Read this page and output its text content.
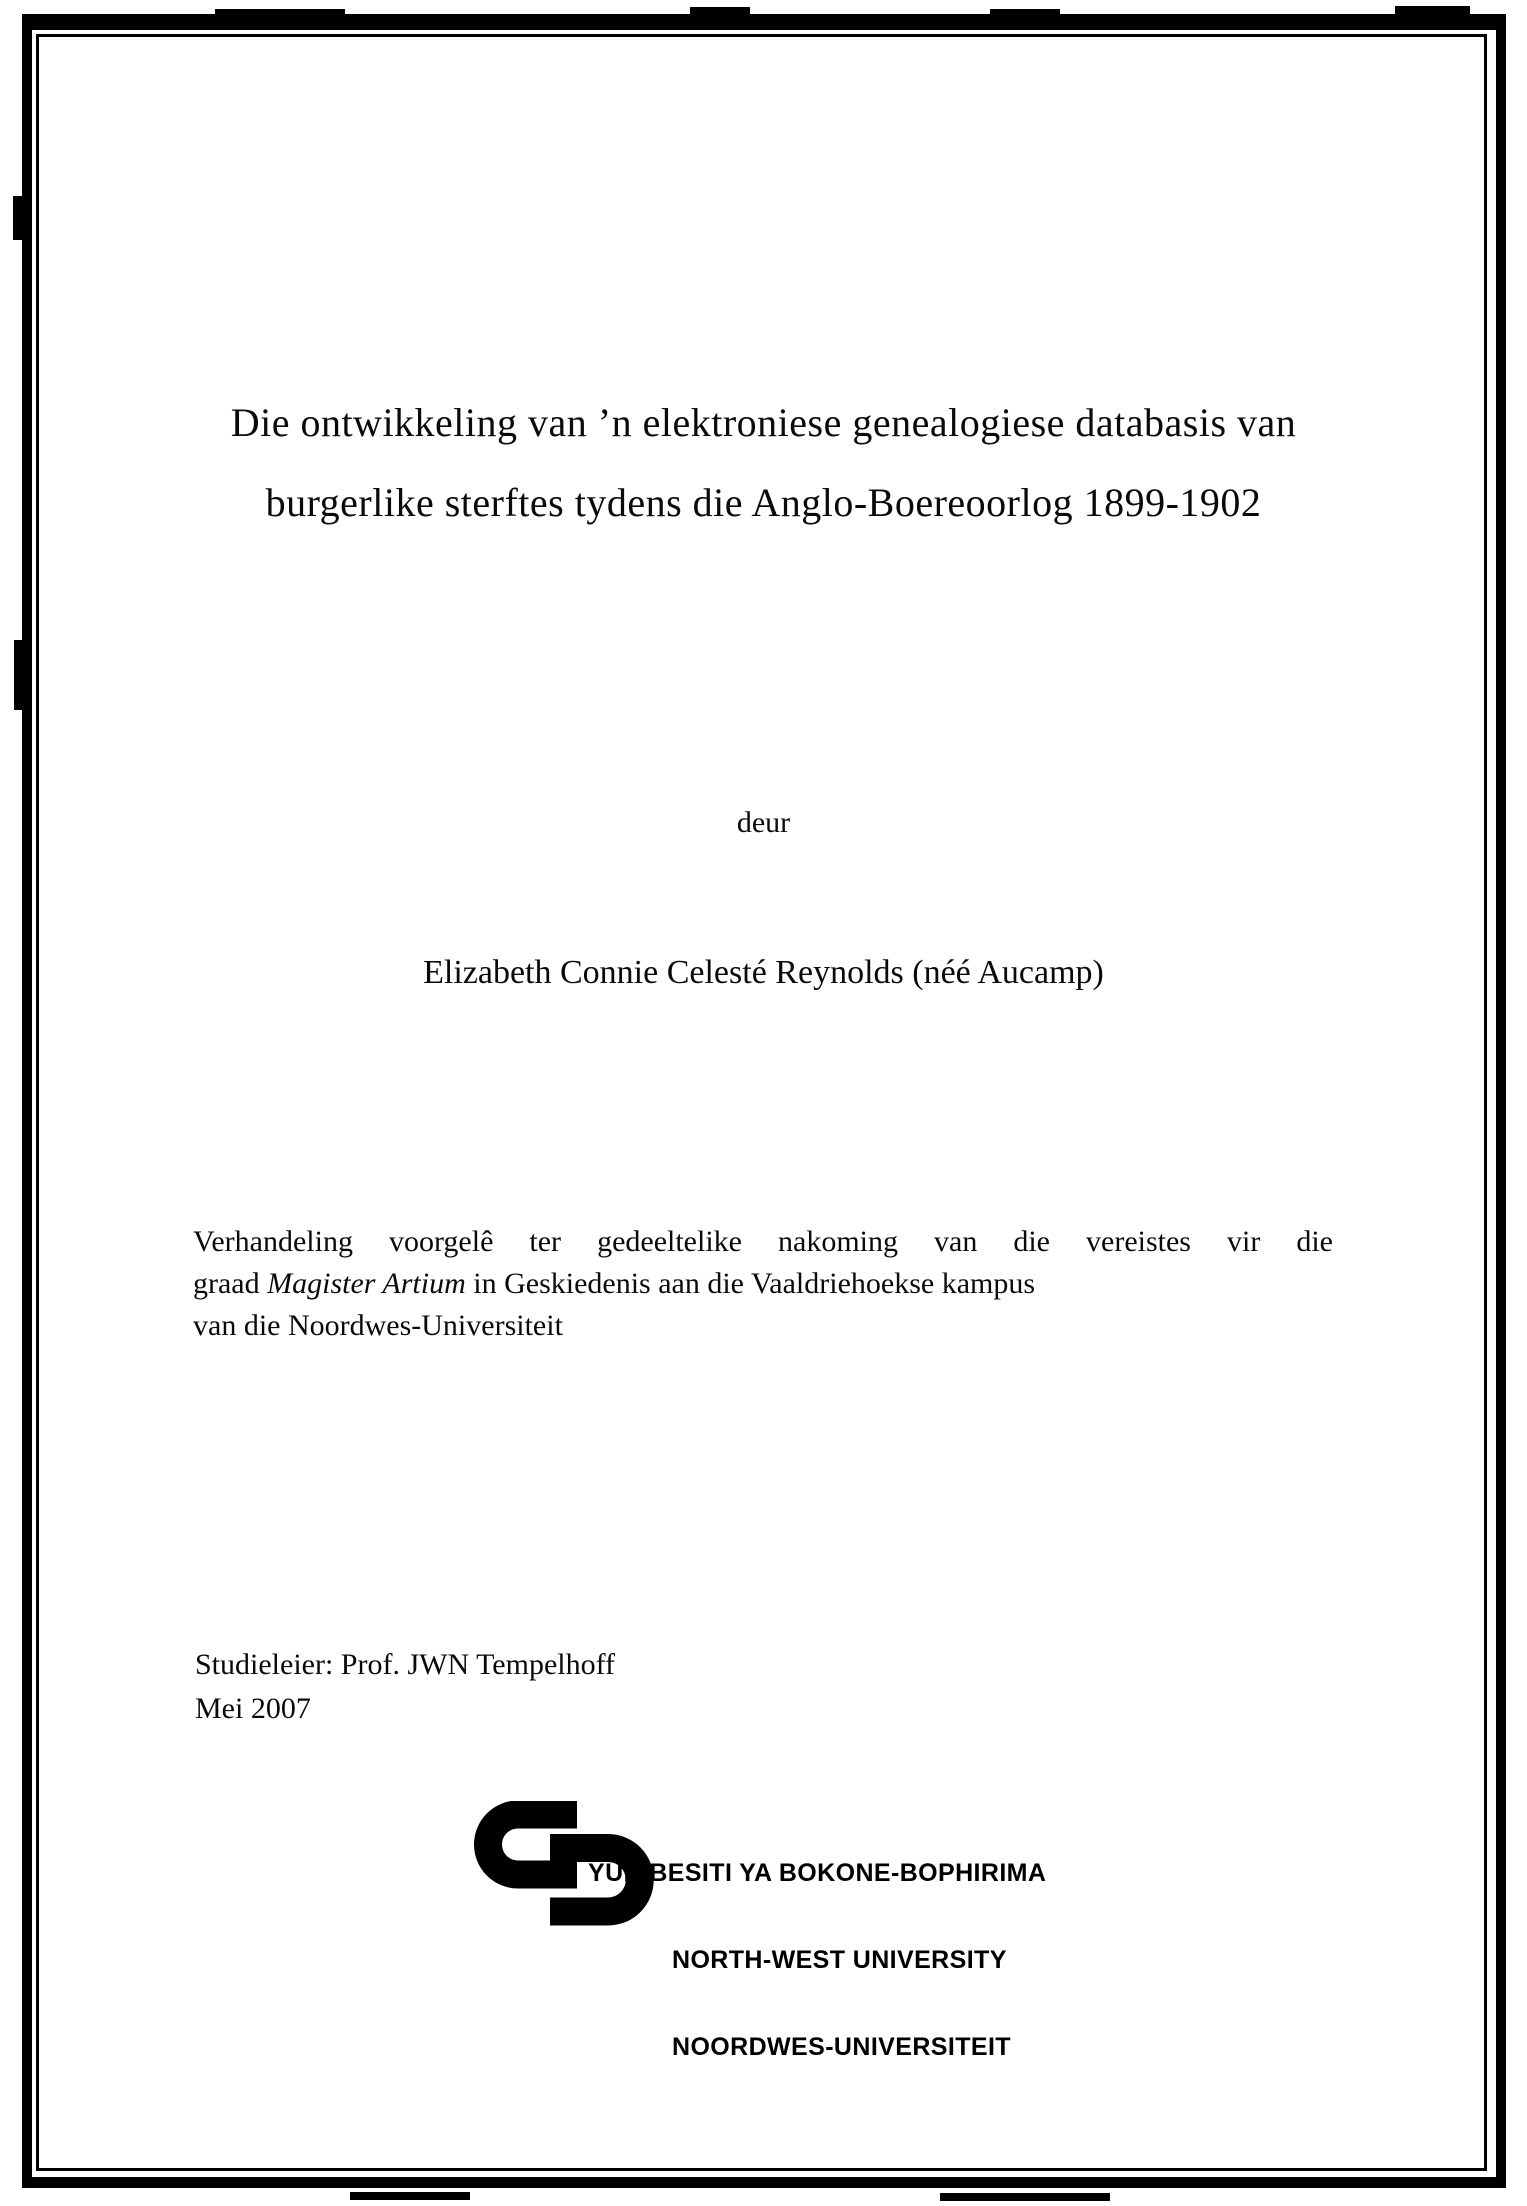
Die ontwikkeling van ’n elektroniese genealogiese databasis van
burgerlike sterftes tydens die Anglo-Boereoorlog 1899-1902
deur
Elizabeth Connie Celesté Reynolds (néé Aucamp)
Verhandeling voorgelê ter gedeeltelike nakoming van die vereistes vir die
graad Magister Artium in Geskiedenis aan die Vaaldriehoekse kampus
van die Noordwes-Universiteit
Studieleier: Prof. JWN Tempelhoff
Mei 2007

YUNIBESITI YA BOKONE-BOPHIRIMA

NORTH-WEST UNIVERSITY

NOORDWES-UNIVERSITEIT
